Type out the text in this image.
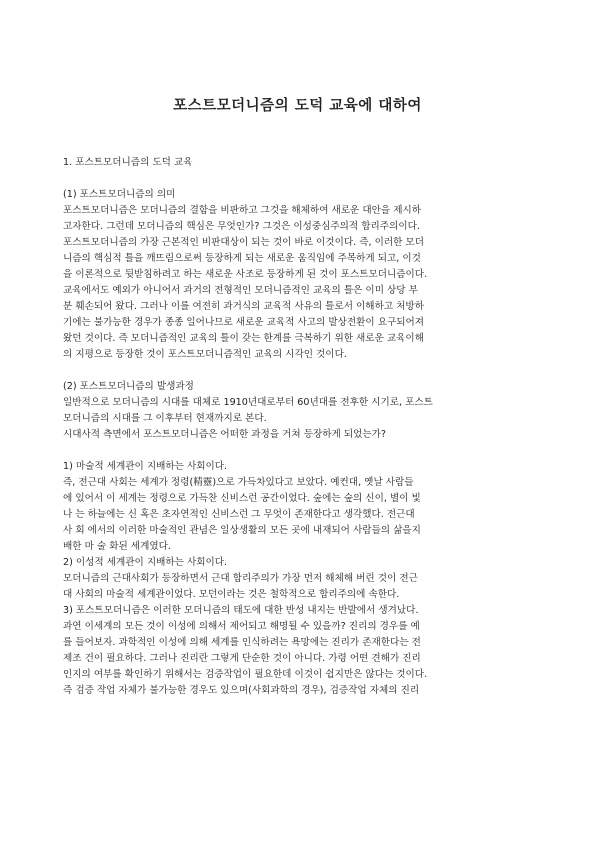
포스트모더니즘의 도덕 교육에 대하여
1. 포스트모더니즘의 도덕 교육
(1) 포스트모더니즘의 의미
포스트모더니즘은 모더니즘의 결함을 비판하고 그것을 해체하여 새로운 대안을 제시하
고자한다. 그런데 모더니즘의 핵심은 무엇인가? 그것은 이성중심주의적 합리주의이다.
포스트모더니즘의 가장 근본적인 비판대상이 되는 것이 바로 이것이다. 즉, 이러한 모더
니즘의 핵심적 틀을 깨뜨림으로써 등장하게 되는 새로운 움직임에 주목하게 되고, 이것
을 이론적으로 뒷받침하려고 하는 새로운 사조로 등장하게 된 것이 포스트모더니즘이다.
교육에서도 예외가 아니어서 과거의 전형적인 모더니즘적인 교육의 틀은 이미 상당 부
분 훼손되어 왔다. 그러나 이를 여전히 과거식의 교육적 사유의 틀로서 이해하고 처방하
기에는 불가능한 경우가 종종 일어나므로 새로운 교육적 사고의 발상전환이 요구되어져
왔던 것이다. 즉 모더니즘적인 교육의 틀이 갖는 한계를 극복하기 위한 새로운 교육이해
의 지평으로 등장한 것이 포스트모더니즘적인 교육의 시각인 것이다.
(2) 포스트모더니즘의 발생과정
일반적으로 모더니즘의 시대를 대체로 1910년대로부터 60년대를 전후한 시기로, 포스트
모더니즘의 시대를 그 이후부터 현재까지로 본다.
시대사적 측면에서 포스트모더니즘은 어떠한 과정을 거쳐 등장하게 되었는가?
1) 마술적 세계관이 지배하는 사회이다.
즉, 전근대 사회는 세계가 정령(精靈)으로 가득차있다고 보았다. 예컨대, 옛날 사람들
에 있어서 이 세계는 정령으로 가득찬 신비스런 공간이었다. 숲에는 숲의 신이, 별이 빛
나 는 하늘에는 신 혹은 초자연적인 신비스런 그 무엇이 존재한다고 생각했다. 전근대
사 회 에서의 이러한 마술적인 관념은 일상생활의 모든 곳에 내재되어 사람들의 삶을지
배한 마 술 화된 세계였다.
2) 이성적 세계관이 지배하는 사회이다.
모더니즘의 근대사회가 등장하면서 근대 합리주의가 가장 먼저 해체해 버린 것이 전근
대 사회의 마술적 세계관이었다. 모던이라는 것은 철학적으로 합리주의에 속한다.
3) 포스트모더니즘은 이러한 모더니즘의 태도에 대한 반성 내지는 반발에서 생겨났다.
과연 이세계의 모든 것이 이성에 의해서 제어되고 해명될 수 있을까? 진리의 경우를 예
를 들어보자. 과학적인 이성에 의해 세계를 인식하려는 욕망에는 진리가 존재한다는 전
제조 건이 필요하다. 그러나 진리란 그렇게 단순한 것이 아니다. 가령 어떤 견해가 진리
인지의 여부를 확인하기 위해서는 검증작업이 필요한데 이것이 쉽지만은 않다는 것이다.
즉 검증 작업 자체가 불가능한 경우도 있으며(사회과학의 경우), 검증작업 자체의 진리
